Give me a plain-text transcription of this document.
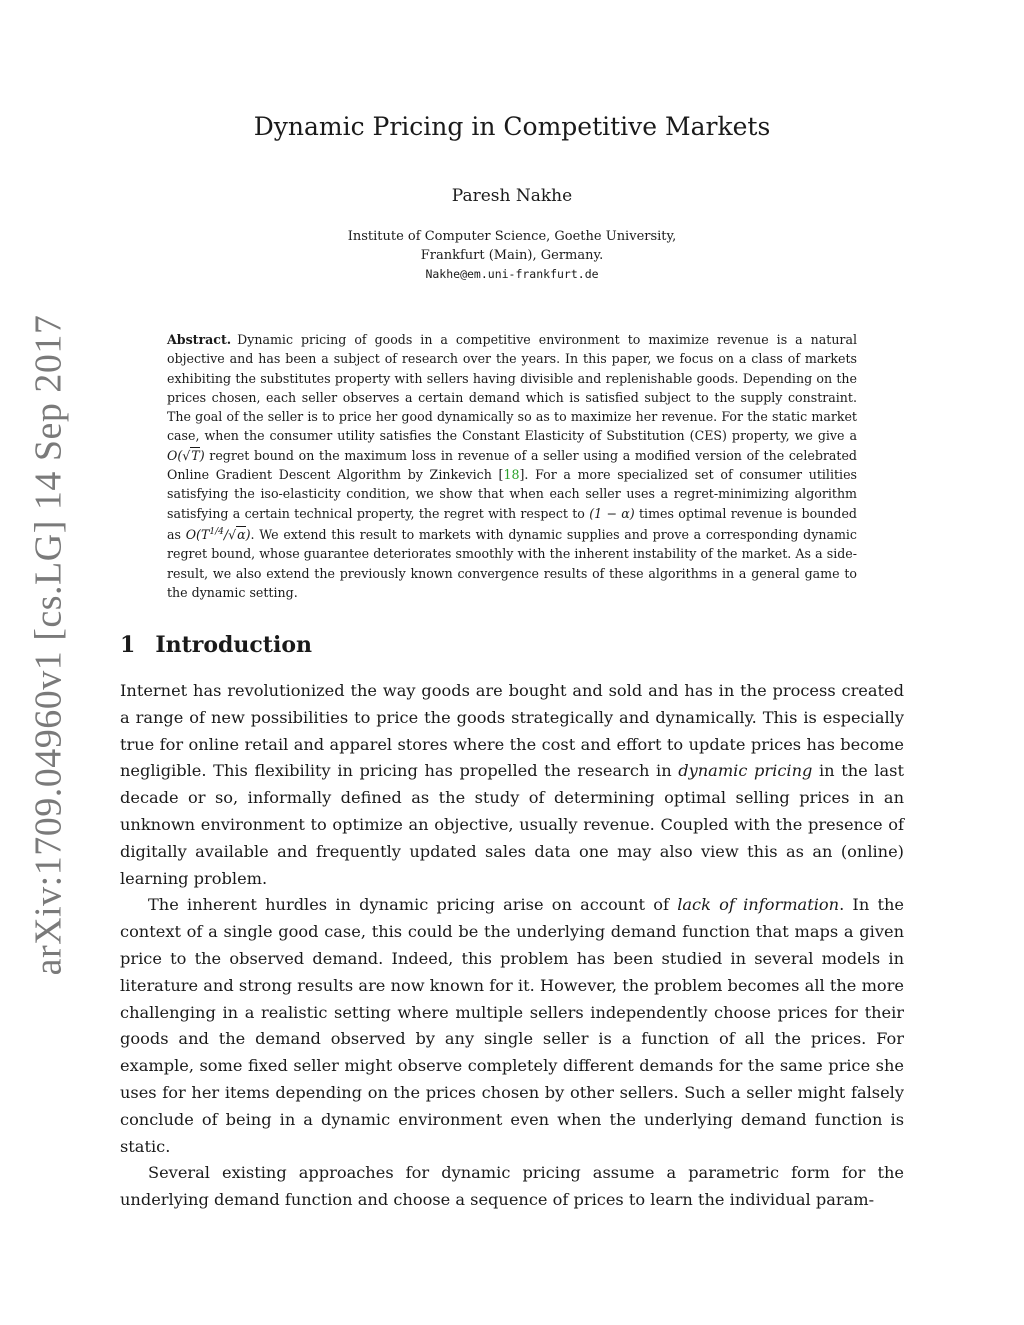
arXiv:1709.04960v1 [cs.LG] 14 Sep 2017
Dynamic Pricing in Competitive Markets
Paresh Nakhe
Institute of Computer Science, Goethe University,
Frankfurt (Main), Germany.
Nakhe@em.uni-frankfurt.de

Abstract. Dynamic pricing of goods in a competitive environment to maximize revenue is a natural objective and has been a subject of research over the years. In this paper, we focus on a class of markets exhibiting the substitutes property with sellers having divisible and replenishable goods. Depending on the prices chosen, each seller observes a certain demand which is satisfied subject to the supply constraint. The goal of the seller is to price her good dynamically so as to maximize her revenue. For the static market case, when the consumer utility satisfies the Constant Elasticity of Substitution (CES) property, we give a O(√T) regret bound on the maximum loss in revenue of a seller using a modified version of the celebrated Online Gradient Descent Algorithm by Zinkevich [18]. For a more specialized set of consumer utilities satisfying the iso-elasticity condition, we show that when each seller uses a regret-minimizing algorithm satisfying a certain technical property, the regret with respect to (1 − α) times optimal revenue is bounded as $O(T^{1/4}/√\alpha)$. We extend this result to markets with dynamic supplies and prove a corresponding dynamic regret bound, whose guarantee deteriorates smoothly with the inherent instability of the market. As a side-result, we also extend the previously known convergence results of these algorithms in a general game to the dynamic setting.

1 Introduction

Internet has revolutionized the way goods are bought and sold and has in the process created a range of new possibilities to price the goods strategically and dynamically. This is especially true for online retail and apparel stores where the cost and effort to update prices has become negligible. This flexibility in pricing has propelled the research in dynamic pricing in the last decade or so, informally defined as the study of determining optimal selling prices in an unknown environment to optimize an objective, usually revenue. Coupled with the presence of digitally available and frequently updated sales data one may also view this as an (online) learning problem.

The inherent hurdles in dynamic pricing arise on account of lack of information. In the context of a single good case, this could be the underlying demand function that maps a given price to the observed demand. Indeed, this problem has been studied in several models in literature and strong results are now known for it. However, the problem becomes all the more challenging in a realistic setting where multiple sellers independently choose prices for their goods and the demand observed by any single seller is a function of all the prices. For example, some fixed seller might observe completely different demands for the same price she uses for her items depending on the prices chosen by other sellers. Such a seller might falsely conclude of being in a dynamic environment even when the underlying demand function is static.

Several existing approaches for dynamic pricing assume a parametric form for the underlying demand function and choose a sequence of prices to learn the individual param-
